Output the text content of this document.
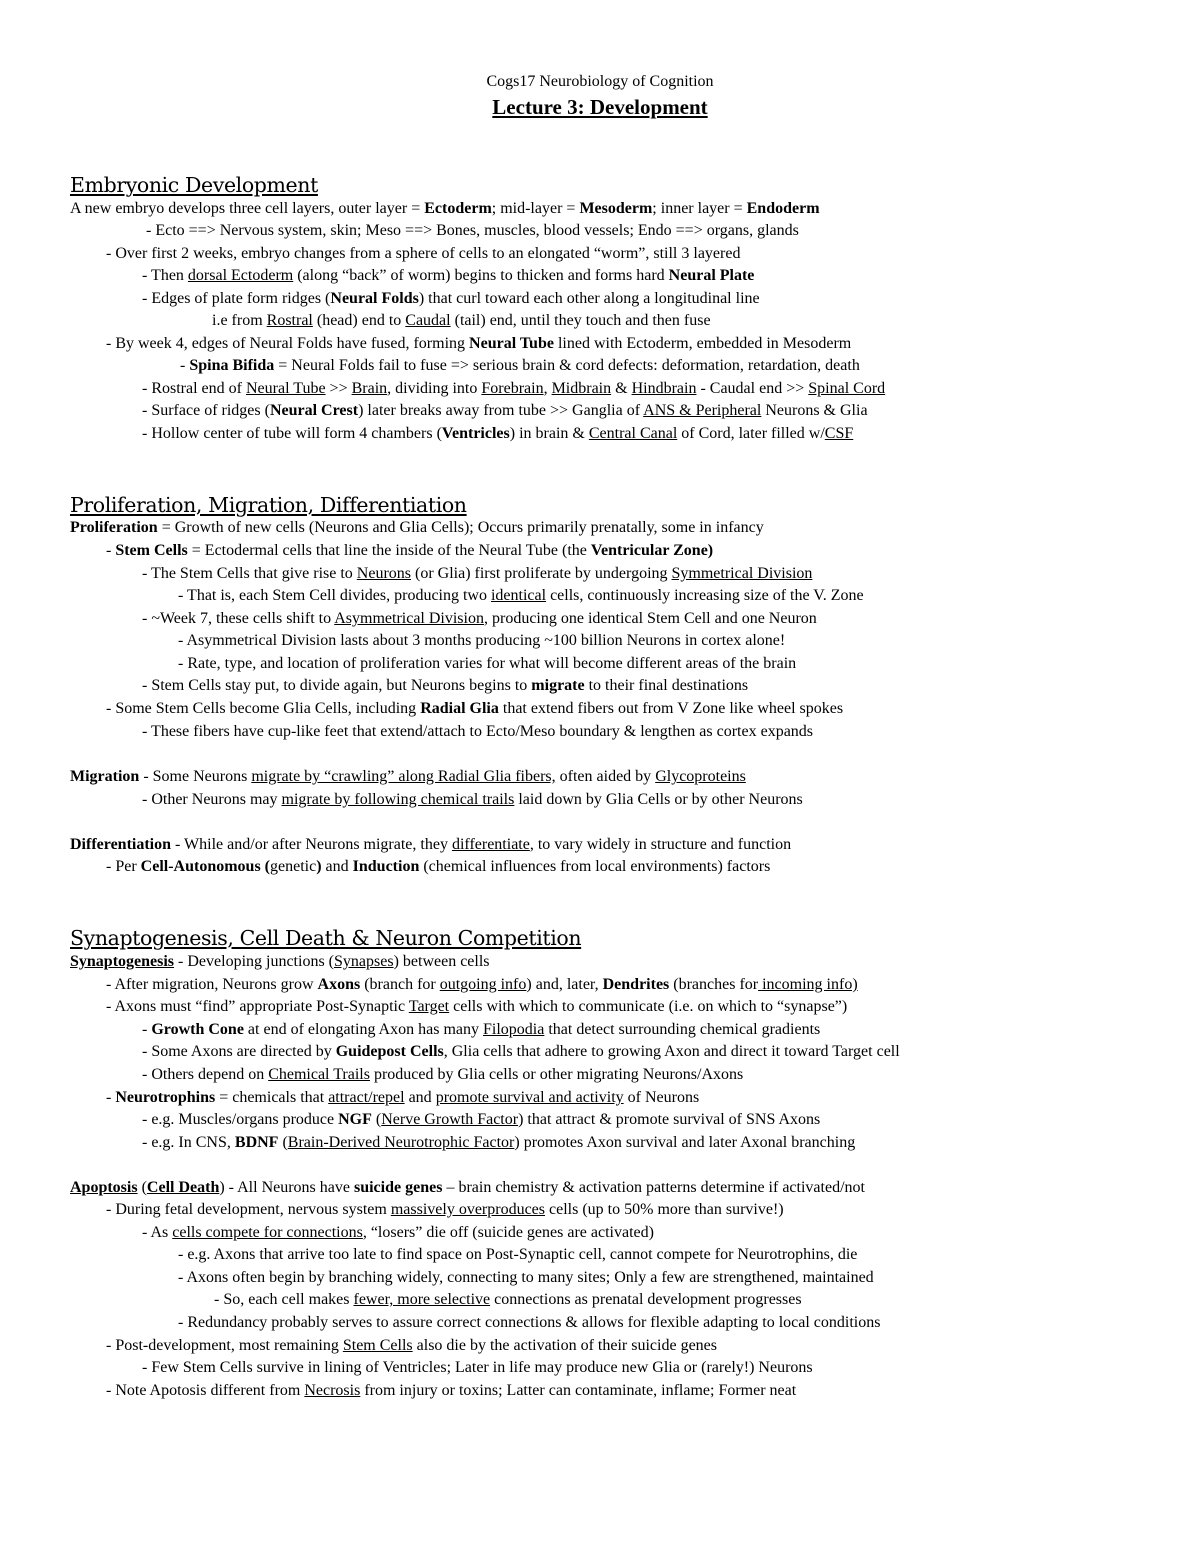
Cogs17 Neurobiology of Cognition
Lecture 3: Development
Embryonic Development
A new embryo develops three cell layers, outer layer = Ectoderm; mid-layer = Mesoderm; inner layer = Endoderm
- Ecto ==> Nervous system, skin; Meso ==> Bones, muscles, blood vessels; Endo ==> organs, glands
- Over first 2 weeks, embryo changes from a sphere of cells to an elongated “worm”, still 3 layered
- Then dorsal Ectoderm (along “back” of worm) begins to thicken and forms hard Neural Plate
- Edges of plate form ridges (Neural Folds) that curl toward each other along a longitudinal line
i.e from Rostral (head) end to Caudal (tail) end, until they touch and then fuse
- By week 4, edges of Neural Folds have fused, forming Neural Tube lined with Ectoderm, embedded in Mesoderm
- Spina Bifida = Neural Folds fail to fuse => serious brain & cord defects: deformation, retardation, death
- Rostral end of Neural Tube >> Brain, dividing into Forebrain, Midbrain & Hindbrain - Caudal end >> Spinal Cord
- Surface of ridges (Neural Crest) later breaks away from tube >> Ganglia of ANS & Peripheral Neurons & Glia
- Hollow center of tube will form 4 chambers (Ventricles) in brain & Central Canal of Cord, later filled w/CSF
Proliferation, Migration, Differentiation
Proliferation = Growth of new cells (Neurons and Glia Cells); Occurs primarily prenatally, some in infancy
- Stem Cells = Ectodermal cells that line the inside of the Neural Tube (the Ventricular Zone)
- The Stem Cells that give rise to Neurons (or Glia) first proliferate by undergoing Symmetrical Division
- That is, each Stem Cell divides, producing two identical cells, continuously increasing size of the V. Zone
- ~Week 7, these cells shift to Asymmetrical Division, producing one identical Stem Cell and one Neuron
- Asymmetrical Division lasts about 3 months producing ~100 billion Neurons in cortex alone!
- Rate, type, and location of proliferation varies for what will become different areas of the brain
- Stem Cells stay put, to divide again, but Neurons begins to migrate to their final destinations
- Some Stem Cells become Glia Cells, including Radial Glia that extend fibers out from V Zone like wheel spokes
- These fibers have cup-like feet that extend/attach to Ecto/Meso boundary & lengthen as cortex expands
Migration - Some Neurons migrate by “crawling” along Radial Glia fibers, often aided by Glycoproteins
- Other Neurons may migrate by following chemical trails laid down by Glia Cells or by other Neurons
Differentiation - While and/or after Neurons migrate, they differentiate, to vary widely in structure and function
- Per Cell-Autonomous (genetic) and Induction (chemical influences from local environments) factors
Synaptogenesis, Cell Death & Neuron Competition
Synaptogenesis - Developing junctions (Synapses) between cells
- After migration, Neurons grow Axons (branch for outgoing info) and, later, Dendrites (branches for incoming info)
- Axons must “find” appropriate Post-Synaptic Target cells with which to communicate (i.e. on which to “synapse”)
- Growth Cone at end of elongating Axon has many Filopodia that detect surrounding chemical gradients
- Some Axons are directed by Guidepost Cells, Glia cells that adhere to growing Axon and direct it toward Target cell
- Others depend on Chemical Trails produced by Glia cells or other migrating Neurons/Axons
- Neurotrophins = chemicals that attract/repel and promote survival and activity of Neurons
- e.g. Muscles/organs produce NGF (Nerve Growth Factor) that attract & promote survival of SNS Axons
- e.g. In CNS, BDNF (Brain-Derived Neurotrophic Factor) promotes Axon survival and later Axonal branching
Apoptosis (Cell Death) - All Neurons have suicide genes – brain chemistry & activation patterns determine if activated/not
- During fetal development, nervous system massively overproduces cells (up to 50% more than survive!)
- As cells compete for connections, “losers” die off (suicide genes are activated)
- e.g. Axons that arrive too late to find space on Post-Synaptic cell, cannot compete for Neurotrophins, die
- Axons often begin by branching widely, connecting to many sites; Only a few are strengthened, maintained
- So, each cell makes fewer, more selective connections as prenatal development progresses
- Redundancy probably serves to assure correct connections & allows for flexible adapting to local conditions
- Post-development, most remaining Stem Cells also die by the activation of their suicide genes
- Few Stem Cells survive in lining of Ventricles; Later in life may produce new Glia or (rarely!) Neurons
- Note Apotosis different from Necrosis from injury or toxins; Latter can contaminate, inflame; Former neat
